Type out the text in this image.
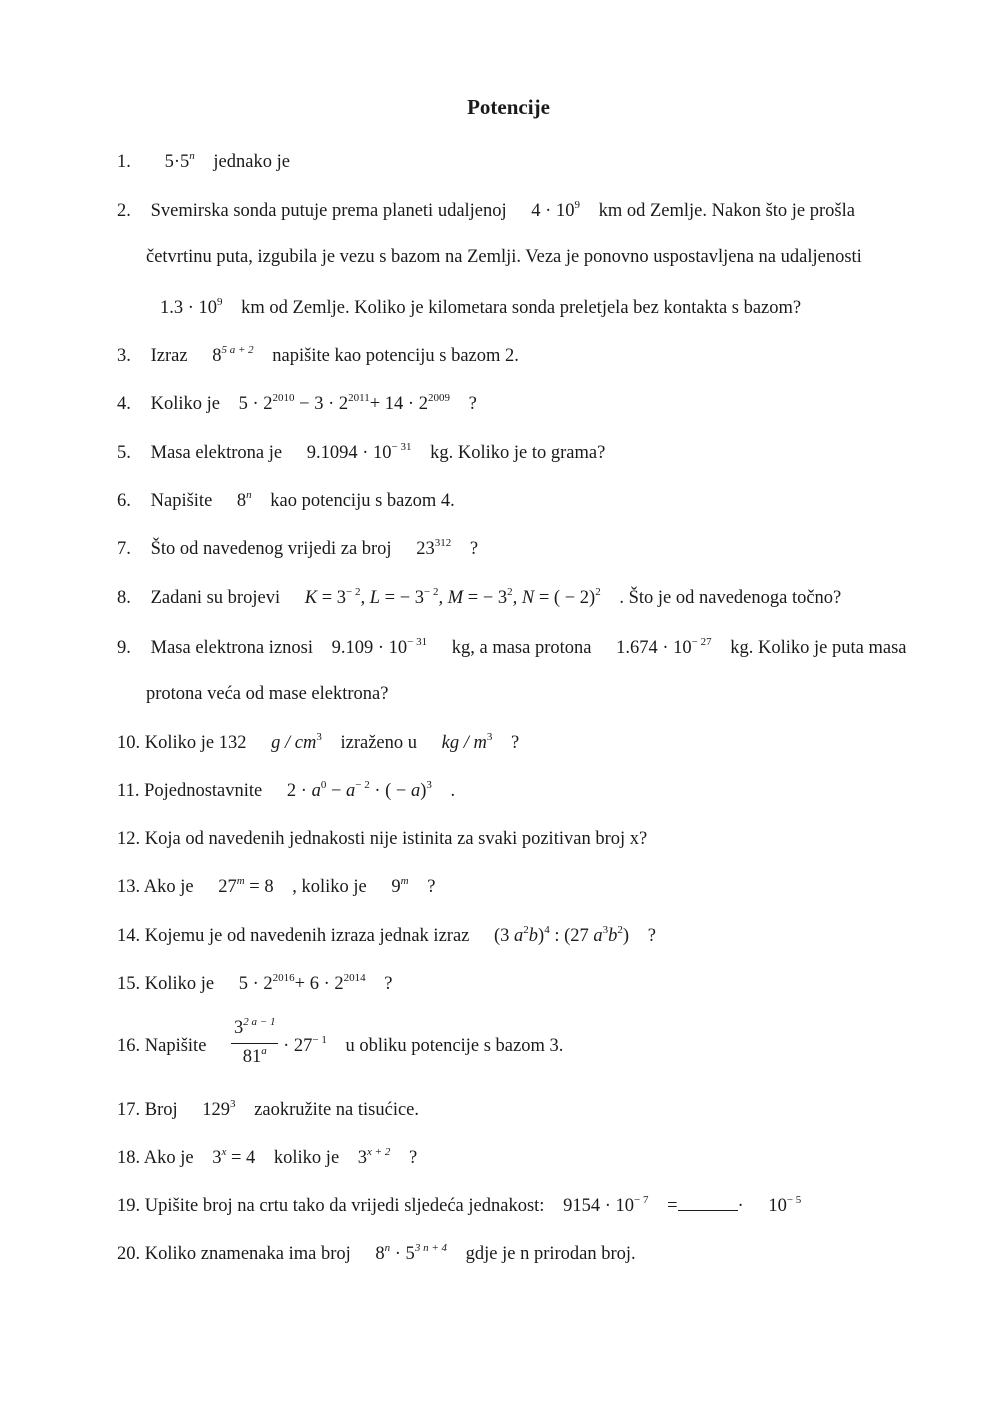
Potencije
1. $5\cdot 5^n$ jednako je
2. Svemirska sonda putuje prema planeti udaljenoj $4 \cdot 10^9$ km od Zemlje. Nakon što je prošla
četvrtinu puta, izgubila je vezu s bazom na Zemlji. Veza je ponovno uspostavljena na udaljenosti
$1.3 \cdot 10^9$ km od Zemlje. Koliko je kilometara sonda preletjela bez kontakta s bazom?
3. Izraz $8^{5 a + 2}$ napišite kao potenciju s bazom 2.
4. Koliko je $5 \cdot 2^{2010} - 3 \cdot 2^{2011}+ 14 \cdot 2^{2009}$ ?
5. Masa elektrona je $9.1094 \cdot 10^{- 31}$ kg. Koliko je to grama?
6. Napišite 8$^n$ kao potenciju s bazom 4.
7. Što od navedenog vrijedi za broj $23^{312}$ ?
8. Zadani su brojevi $K = 3^{- 2}$, L = − $3^{- 2}$, M = − $3^2$, N = ( − 2)$^2$ . Što je od navedenoga točno?
9. Masa elektrona iznosi $9.109 \cdot 10^{- 31}$ kg, a masa protona $1.674 \cdot 10^{- 27}$ kg. Koliko je puta masa
protona veća od mase elektrona?
10. Koliko je 132 g / $cm^3$ izraženo u kg / $m^3$ ?
11. Pojednostavnite $2 \cdot a^0 - a^{- 2}$ · ( − a)$^3$ .
12. Koja od navedenih jednakosti nije istinita za svaki pozitivan broj x?
13. Ako je $27^m = 8$ , koliko je 9$^m$ ?
14. Kojemu je od navedenih izraza jednak izraz (3 $a^2b)^4$ : (27 $a^3b^2$) ?
15. Koliko je $5 \cdot 2^{2016}+ 6 \cdot 2^{2014}$ ?
16. Napišite $\frac{3^{2 a - 1}}{81^a} \cdot 27^{- 1}$ u obliku potencije s bazom 3.
17. Broj $129^3$ zaokružite na tisućice.
18. Ako je $3^x = 4$ koliko je $3^{x + 2}$ ?
19. Upišite broj na crtu tako da vrijedi sljedeća jednakost: $9154 \cdot 10^{- 7}$ =	· $10^{- 5}$
20. Koliko znamenaka ima broj $8^n \cdot 5^{3 n + 4}$ gdje je n prirodan broj.
